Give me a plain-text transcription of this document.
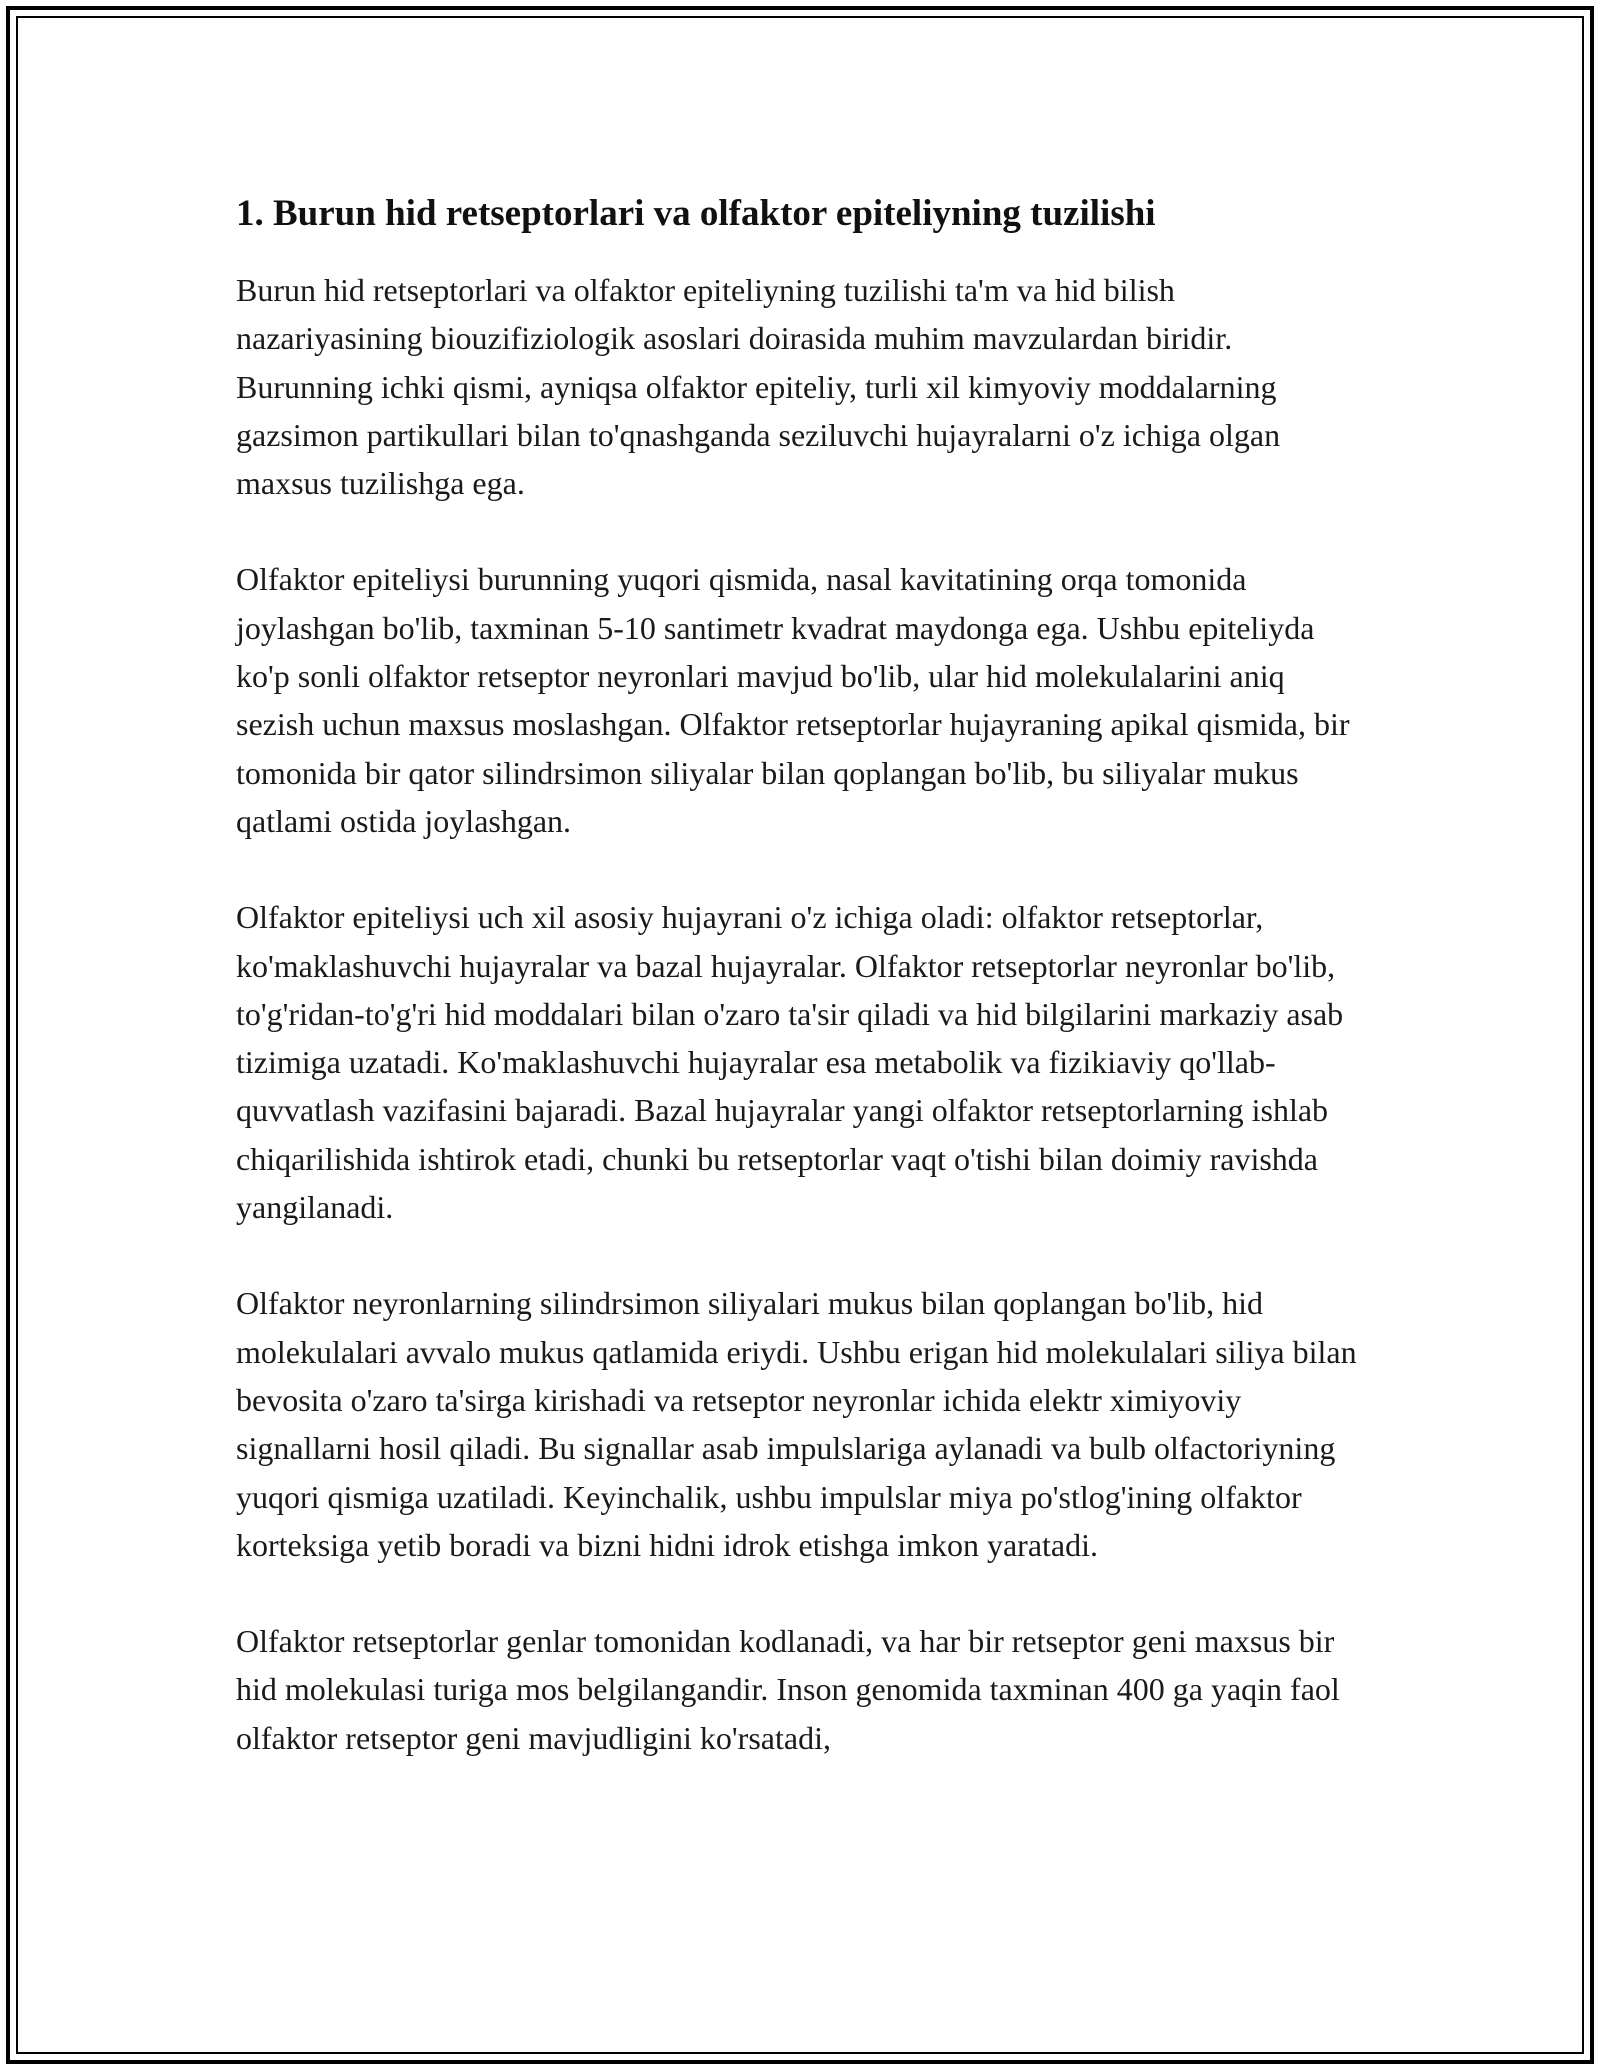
1. Burun hid retseptorlari va olfaktor epiteliyning tuzilishi

Burun hid retseptorlari va olfaktor epiteliyning tuzilishi ta'm va hid bilish nazariyasining biouzifiziologik asoslari doirasida muhim mavzulardan biridir. Burunning ichki qismi, ayniqsa olfaktor epiteliy, turli xil kimyoviy moddalarning gazsimon partikullari bilan to'qnashganda seziluvchi hujayralarni o'z ichiga olgan maxsus tuzilishga ega.

Olfaktor epiteliysi burunning yuqori qismida, nasal kavitatining orqa tomonida joylashgan bo'lib, taxminan 5-10 santimetr kvadrat maydonga ega. Ushbu epiteliyda ko'p sonli olfaktor retseptor neyronlari mavjud bo'lib, ular hid molekulalarini aniq sezish uchun maxsus moslashgan. Olfaktor retseptorlar hujayraning apikal qismida, bir tomonida bir qator silindrsimon siliyalar bilan qoplangan bo'lib, bu siliyalar mukus qatlami ostida joylashgan.

Olfaktor epiteliysi uch xil asosiy hujayrani o'z ichiga oladi: olfaktor retseptorlar, ko'maklashuvchi hujayralar va bazal hujayralar. Olfaktor retseptorlar neyronlar bo'lib, to'g'ridan-to'g'ri hid moddalari bilan o'zaro ta'sir qiladi va hid bilgilarini markaziy asab tizimiga uzatadi. Ko'maklashuvchi hujayralar esa metabolik va fizikiaviy qo'llab-quvvatlash vazifasini bajaradi. Bazal hujayralar yangi olfaktor retseptorlarning ishlab chiqarilishida ishtirok etadi, chunki bu retseptorlar vaqt o'tishi bilan doimiy ravishda yangilanadi.

Olfaktor neyronlarning silindrsimon siliyalari mukus bilan qoplangan bo'lib, hid molekulalari avvalo mukus qatlamida eriydi. Ushbu erigan hid molekulalari siliya bilan bevosita o'zaro ta'sirga kirishadi va retseptor neyronlar ichida elektr ximiyoviy signallarni hosil qiladi. Bu signallar asab impulslariga aylanadi va bulb olfactoriyning yuqori qismiga uzatiladi. Keyinchalik, ushbu impulslar miya po'stlog'ining olfaktor korteksiga yetib boradi va bizni hidni idrok etishga imkon yaratadi.

Olfaktor retseptorlar genlar tomonidan kodlanadi, va har bir retseptor geni maxsus bir hid molekulasi turiga mos belgilangandir. Inson genomida taxminan 400 ga yaqin faol olfaktor retseptor geni mavjudligini ko'rsatadi,
